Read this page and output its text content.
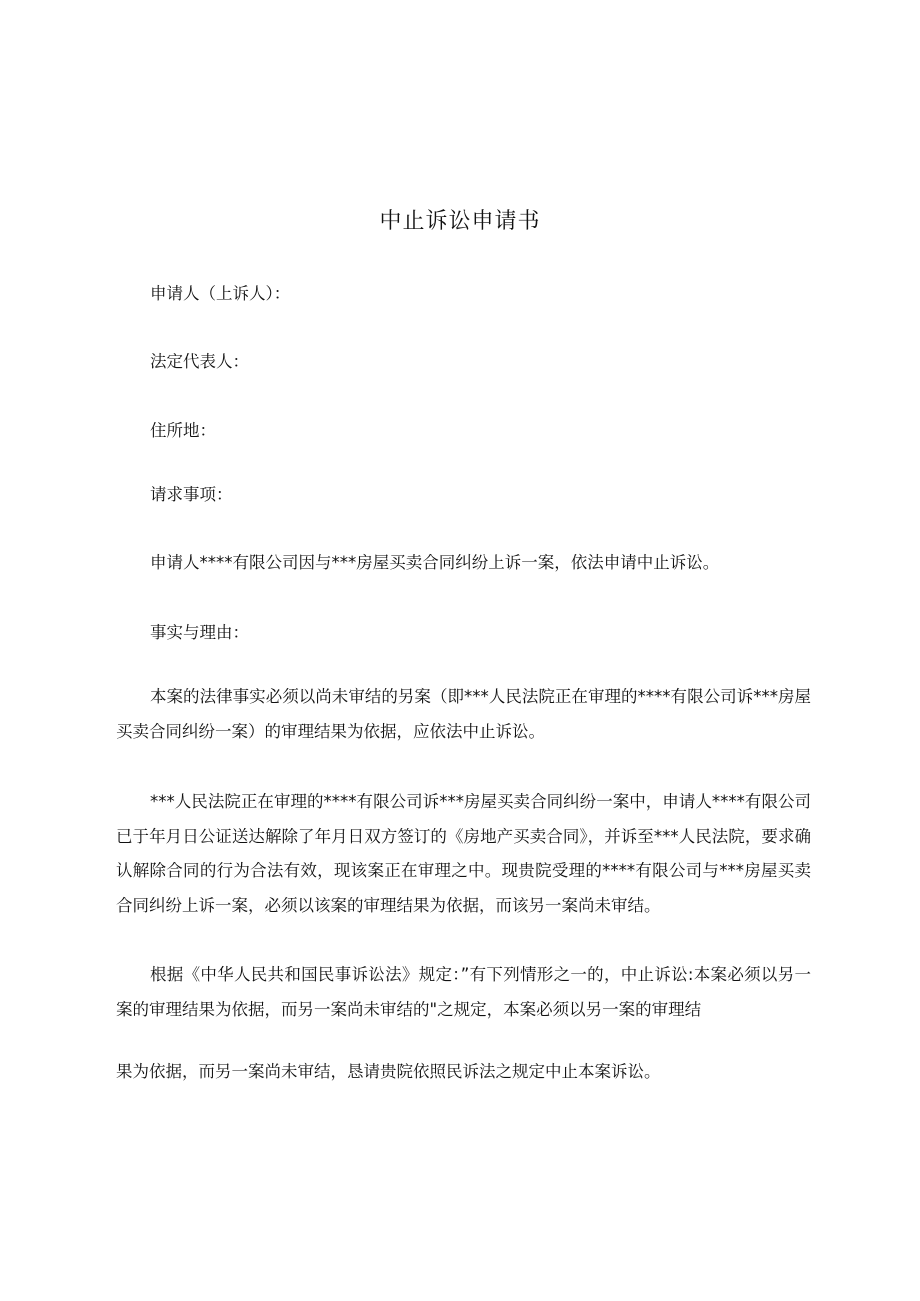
中止诉讼申请书
申请人（上诉人）：
法定代表人：
住所地：
请求事项：
申请人****有限公司因与***房屋买卖合同纠纷上诉一案，依法申请中止诉讼。
事实与理由：
本案的法律事实必须以尚未审结的另案（即***人民法院正在审理的****有限公司诉***房屋买卖合同纠纷一案）的审理结果为依据，应依法中止诉讼。
***人民法院正在审理的****有限公司诉***房屋买卖合同纠纷一案中，申请人****有限公司已于年月日公证送达解除了年月日双方签订的《房地产买卖合同》，并诉至***人民法院，要求确认解除合同的行为合法有效，现该案正在审理之中。现贵院受理的****有限公司与***房屋买卖合同纠纷上诉一案，必须以该案的审理结果为依据，而该另一案尚未审结。
根据《中华人民共和国民事诉讼法》规定：”有下列情形之一的，中止诉讼:本案必须以另一案的审理结果为依据，而另一案尚未审结的"之规定，本案必须以另一案的审理结
果为依据，而另一案尚未审结，恳请贵院依照民诉法之规定中止本案诉讼。
